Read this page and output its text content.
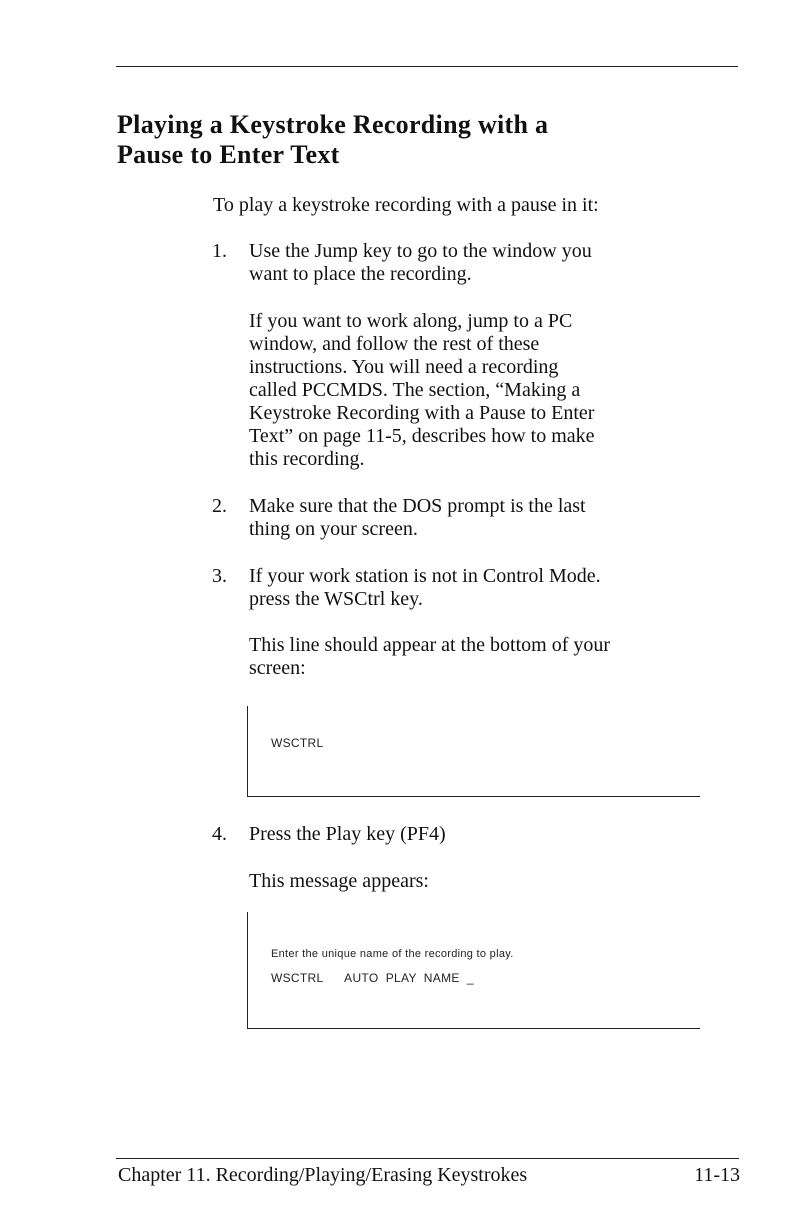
Playing a Keystroke Recording with a
Pause to Enter Text
To play a keystroke recording with a pause in it:
1.	Use the Jump key to go to the window you
want to place the recording.
If you want to work along, jump to a PC
window, and follow the rest of these
instructions. You will need a recording
called PCCMDS. The section, “Making a
Keystroke Recording with a Pause to Enter
Text” on page 11-5, describes how to make
this recording.
2.	Make sure that the DOS prompt is the last
thing on your screen.
3.	If your work station is not in Control Mode.
press the WSCtrl key.
This line should appear at the bottom of your
screen:
WSCTRL
4.	Press the Play key (PF4)
This message appears:
Enter the unique name of the recording to play.
WSCTRL      AUTO  PLAY  NAME  _
Chapter 11. Recording/Playing/Erasing Keystrokes	11-13
